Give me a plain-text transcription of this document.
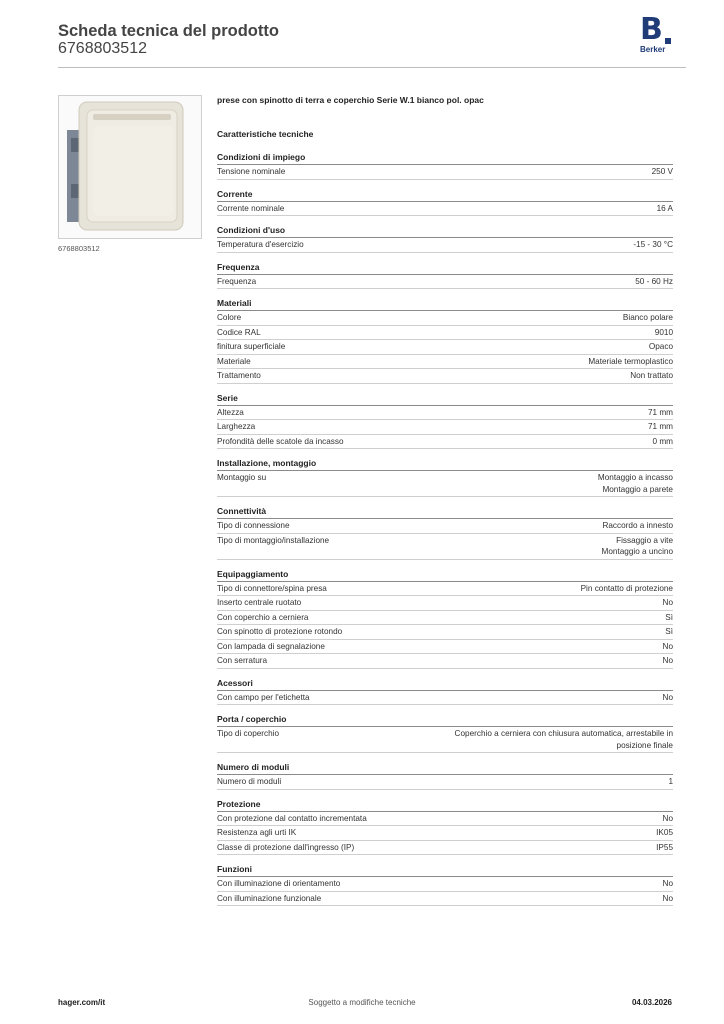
Scheda tecnica del prodotto
6768803512
B
Berker
6768803512
prese con spinotto di terra e coperchio Serie W.1 bianco pol. opac
Caratteristiche tecniche
Condizioni di impiego
Tensione nominale	250 V
Corrente
Corrente nominale	16 A
Condizioni d'uso
Temperatura d'esercizio	-15 - 30 °C
Frequenza
Frequenza	50 - 60 Hz
Materiali
Colore	Bianco polare
Codice RAL	9010
finitura superficiale	Opaco
Materiale	Materiale termoplastico
Trattamento	Non trattato
Serie
Altezza	71 mm
Larghezza	71 mm
Profondità delle scatole da incasso	0 mm
Installazione, montaggio
Montaggio su	Montaggio a incasso
Montaggio a parete
Connettività
Tipo di connessione	Raccordo a innesto
Tipo di montaggio/installazione	Fissaggio a vite
Montaggio a uncino
Equipaggiamento
Tipo di connettore/spina presa	Pin contatto di protezione
Inserto centrale ruotato	No
Con coperchio a cerniera	Sì
Con spinotto di protezione rotondo	Sì
Con lampada di segnalazione	No
Con serratura	No
Acessori
Con campo per l'etichetta	No
Porta / coperchio
Tipo di coperchio	Coperchio a cerniera con chiusura automatica, arrestabile in
posizione finale
Numero di moduli
Numero di moduli	1
Protezione
Con protezione dal contatto incrementata	No
Resistenza agli urti IK	IK05
Classe di protezione dall'ingresso (IP)	IP55
Funzioni
Con illuminazione di orientamento	No
Con illuminazione funzionale	No
hager.com/it	Soggetto a modifiche tecniche	04.03.2026
